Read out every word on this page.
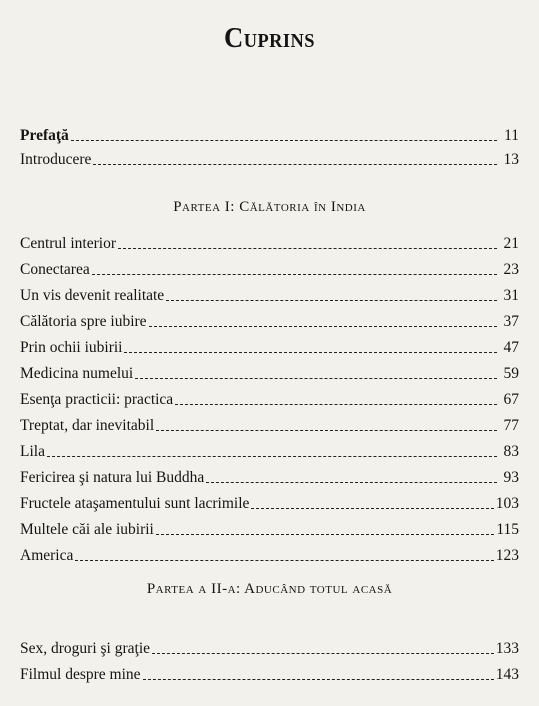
Cuprins
Prefaţă	11
Introducere	13
Centrul interior	21
Conectarea	23
Un vis devenit realitate	31
Călătoria spre iubire	37
Prin ochii iubirii	47
Medicina numelui	59
Esenţa practicii: practica	67
Treptat, dar inevitabil	77
Lila	83
Fericirea şi natura lui Buddha	93
Fructele ataşamentului sunt lacrimile	103
Multele căi ale iubirii	115
America	123
Sex, droguri şi graţie	133
Filmul despre mine	143
Partea I: Călătoria în India
Partea a II-a: Aducând totul acasă
